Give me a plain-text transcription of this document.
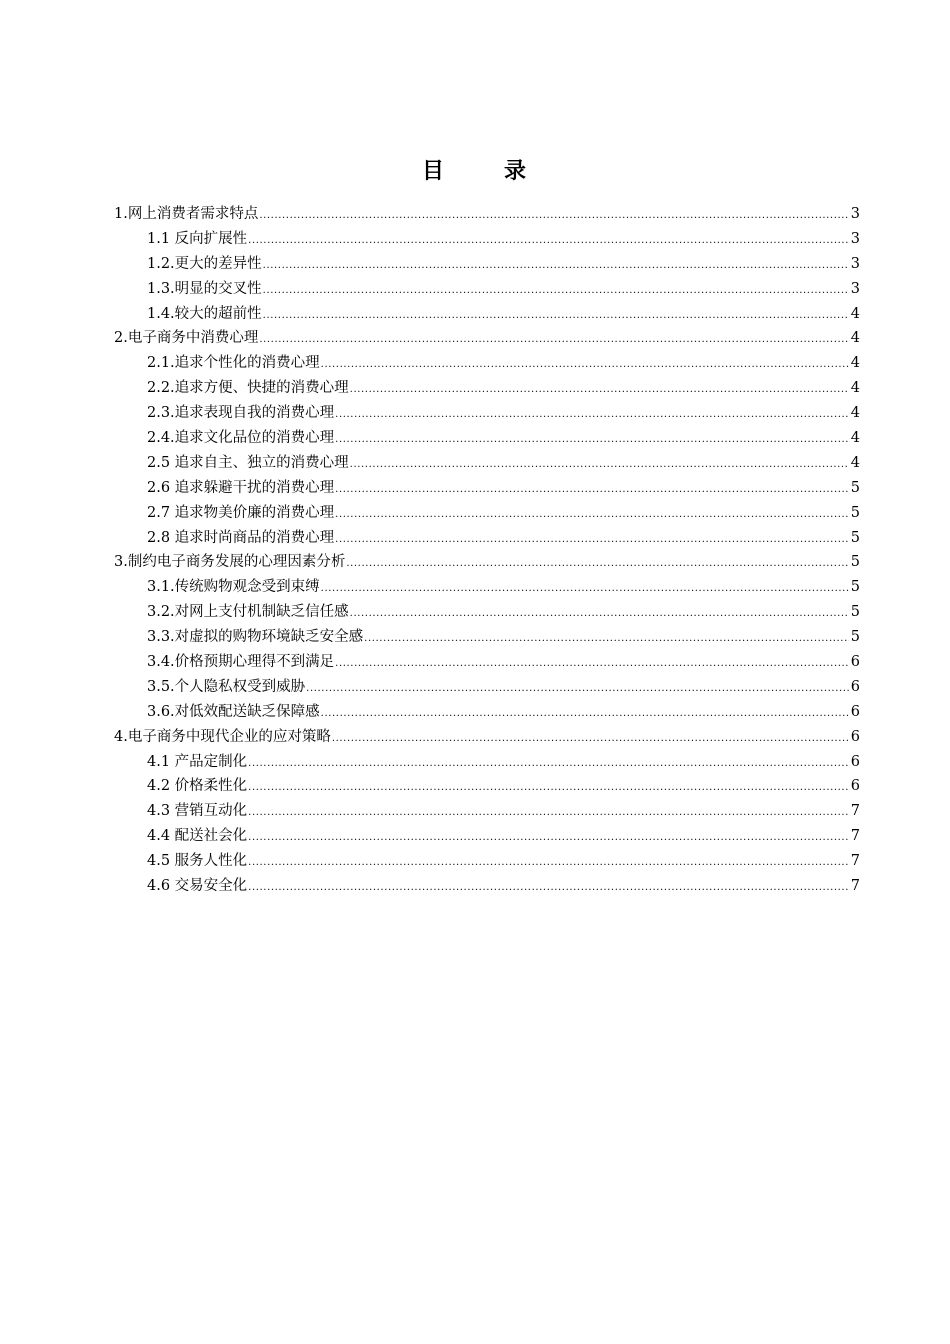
目	录
1.网上消费者需求特点 .....	3
1.1 反向扩展性 .....	3
1.2.更大的差异性 .....	3
1.3.明显的交叉性 .....	3
1.4.较大的超前性 .....	4
2.电子商务中消费心理 .....	4
2.1.追求个性化的消费心理 .....	4
2.2.追求方便、快捷的消费心理 .....	4
2.3.追求表现自我的消费心理 .....	4
2.4.追求文化品位的消费心理 .....	4
2.5 追求自主、独立的消费心理 .....	4
2.6 追求躲避干扰的消费心理 .....	5
2.7 追求物美价廉的消费心理 .....	5
2.8 追求时尚商品的消费心理 .....	5
3.制约电子商务发展的心理因素分析 .....	5
3.1.传统购物观念受到束缚 .....	5
3.2.对网上支付机制缺乏信任感 .....	5
3.3.对虚拟的购物环境缺乏安全感 .....	5
3.4.价格预期心理得不到满足 .....	6
3.5.个人隐私权受到威胁 .....	6
3.6.对低效配送缺乏保障感 .....	6
4.电子商务中现代企业的应对策略 .....	6
4.1 产品定制化 .....	6
4.2 价格柔性化 .....	6
4.3 营销互动化 .....	7
4.4 配送社会化 .....	7
4.5 服务人性化 .....	7
4.6 交易安全化 .....	7
